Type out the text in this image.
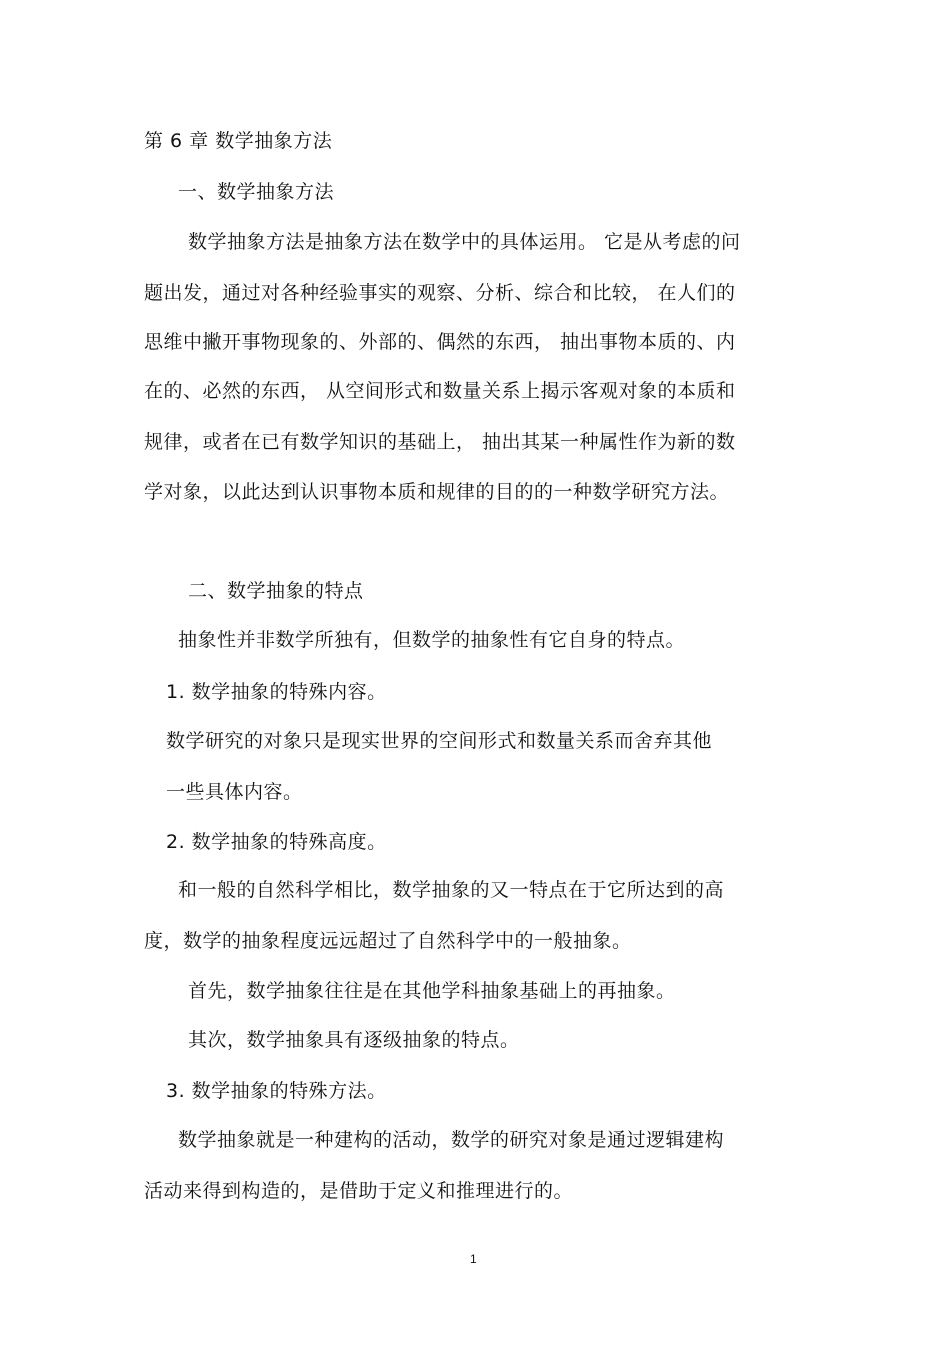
第 6 章 数学抽象方法
一、数学抽象方法
数学抽象方法是抽象方法在数学中的具体运用。 它是从考虑的问
题出发，通过对各种经验事实的观察、分析、综合和比较， 在人们的
思维中撇开事物现象的、外部的、偶然的东西， 抽出事物本质的、内
在的、必然的东西， 从空间形式和数量关系上揭示客观对象的本质和
规律，或者在已有数学知识的基础上， 抽出其某一种属性作为新的数
学对象，以此达到认识事物本质和规律的目的的一种数学研究方法。
二、数学抽象的特点
抽象性并非数学所独有，但数学的抽象性有它自身的特点。
1. 数学抽象的特殊内容。
数学研究的对象只是现实世界的空间形式和数量关系而舍弃其他
一些具体内容。
2. 数学抽象的特殊高度。
和一般的自然科学相比，数学抽象的又一特点在于它所达到的高
度，数学的抽象程度远远超过了自然科学中的一般抽象。
首先，数学抽象往往是在其他学科抽象基础上的再抽象。
其次，数学抽象具有逐级抽象的特点。
3. 数学抽象的特殊方法。
数学抽象就是一种建构的活动，数学的研究对象是通过逻辑建构
活动来得到构造的，是借助于定义和推理进行的。
1
